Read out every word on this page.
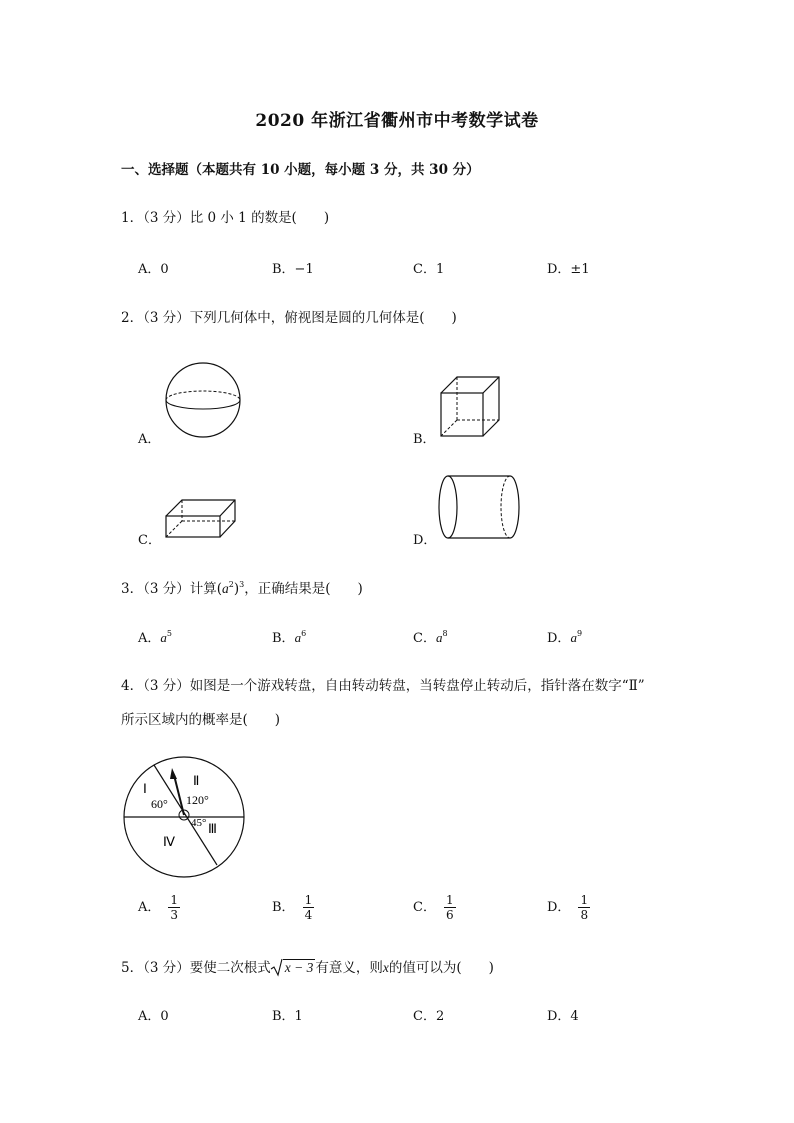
2020 年浙江省衢州市中考数学试卷
一、选择题（本题共有 10 小题，每小题 3 分，共 30 分）
1．（3 分）比 0 小 1 的数是(　　)
A．0	B．−1	C．1	D．±1
2．（3 分）下列几何体中，俯视图是圆的几何体是(　　)
A．	B．
C．	D．
3．（3 分）计算$(a^2)^3$，正确结果是(　　)
A．$a^5$	B．$a^6$	C．$a^8$	D．$a^9$
4．（3 分）如图是一个游戏转盘，自由转动转盘，当转盘停止转动后，指针落在数字“Ⅱ”
所示区域内的概率是(　　)
Ⅰ
Ⅱ
Ⅲ
Ⅳ
60° 120°
45°
A． $\frac{1}{3}$	B． $\frac{1}{4}$	C． $\frac{1}{6}$	D． $\frac{1}{8}$
5．（3 分）要使二次根式 x − 3 有意义，则x的值可以为(　　)
A．0	B．1	C．2	D．4
